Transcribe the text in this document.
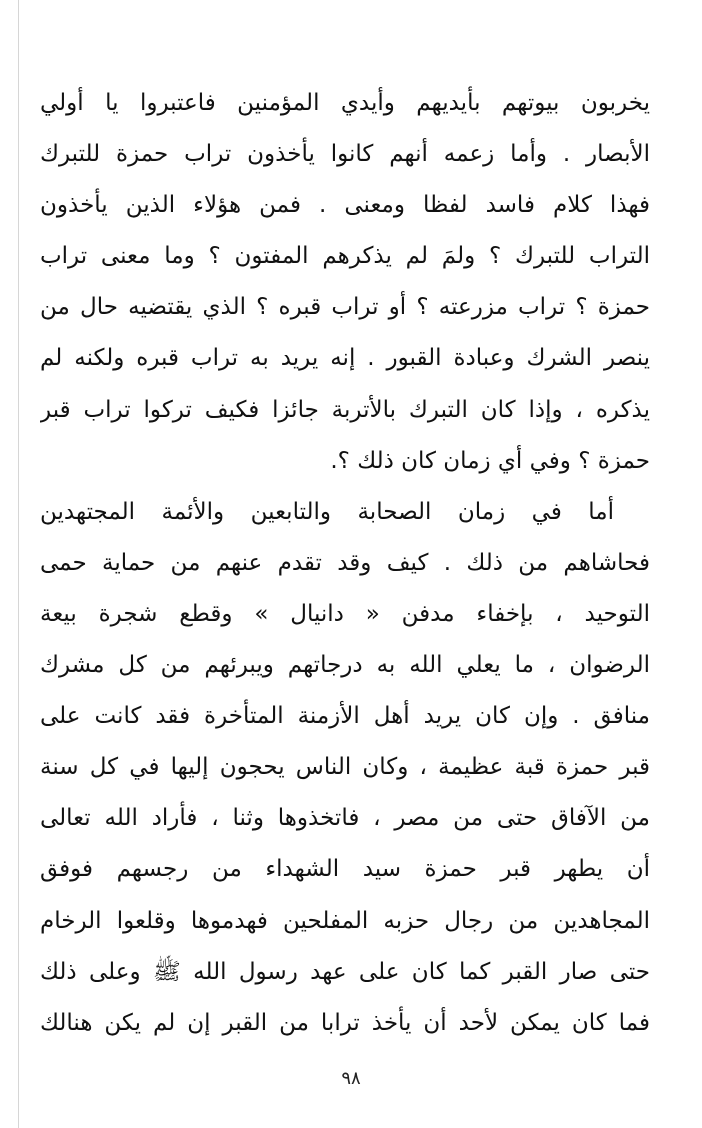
يخربون بيوتهم بأيديهم وأيدي المؤمنين فاعتبروا يا أولي
الأبصار . وأما زعمه أنهم كانوا يأخذون تراب حمزة للتبرك
فهذا كلام فاسد لفظا ومعنى . فمن هؤلاء الذين يأخذون
التراب للتبرك ؟ ولمَ لم يذكرهم المفتون ؟ وما معنى تراب
حمزة ؟ تراب مزرعته ؟ أو تراب قبره ؟ الذي يقتضيه حال من
ينصر الشرك وعبادة القبور . إنه يريد به تراب قبره ولكنه لم
يذكره ، وإذا كان التبرك بالأتربة جائزا فكيف تركوا تراب قبر
حمزة ؟ وفي أي زمان كان ذلك ؟.
أما في زمان الصحابة والتابعين والأئمة المجتهدين
فحاشاهم من ذلك . كيف وقد تقدم عنهم من حماية حمى
التوحيد ، بإخفاء مدفن « دانيال » وقطع شجرة بيعة
الرضوان ، ما يعلي الله به درجاتهم ويبرئهم من كل مشرك
منافق . وإن كان يريد أهل الأزمنة المتأخرة فقد كانت على
قبر حمزة قبة عظيمة ، وكان الناس يحجون إليها في كل سنة
من الآفاق حتى من مصر ، فاتخذوها وثنا ، فأراد الله تعالى
أن يطهر قبر حمزة سيد الشهداء من رجسهم فوفق
المجاهدين من رجال حزبه المفلحين فهدموها وقلعوا الرخام
حتى صار القبر كما كان على عهد رسول الله ﷺ وعلى ذلك
فما كان يمكن لأحد أن يأخذ ترابا من القبر إن لم يكن هنالك
٩٨
